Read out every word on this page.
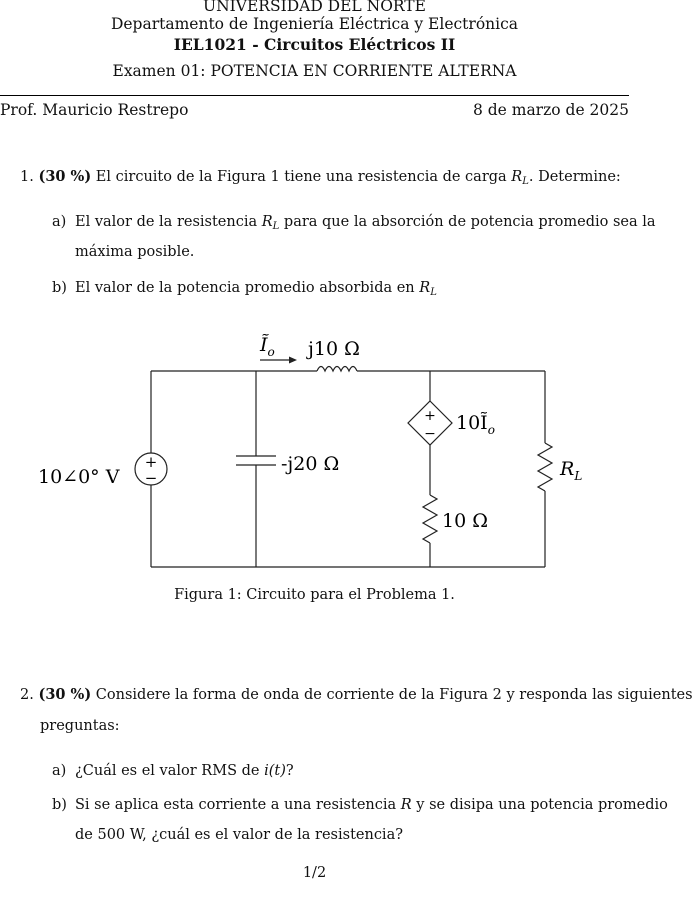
UNIVERSIDAD DEL NORTE
Departamento de Ingeniería Eléctrica y Electrónica
IEL1021 - Circuitos Eléctricos II
Examen 01: POTENCIA EN CORRIENTE ALTERNA
Prof. Mauricio Restrepo	8 de marzo de 2025
1. (30 %) El circuito de la Figura 1 tiene una resistencia de carga $R_L$. Determine:
a) El valor de la resistencia $R_L$ para que la absorción de potencia promedio sea la
máxima posible.
b) El valor de la potencia promedio absorbida en $R_L$
+
−
+
−
$Ĩ_o$ j10 Ω
-j20 Ω
10∠0° V
$10Ĩ_o$
10 Ω
$R_L$
Figura 1: Circuito para el Problema 1.
2. (30 %) Considere la forma de onda de corriente de la Figura 2 y responda las siguientes
preguntas:
a) ¿Cuál es el valor RMS de i(t)?
b) Si se aplica esta corriente a una resistencia R y se disipa una potencia promedio
de 500 W, ¿cuál es el valor de la resistencia?
1/2
